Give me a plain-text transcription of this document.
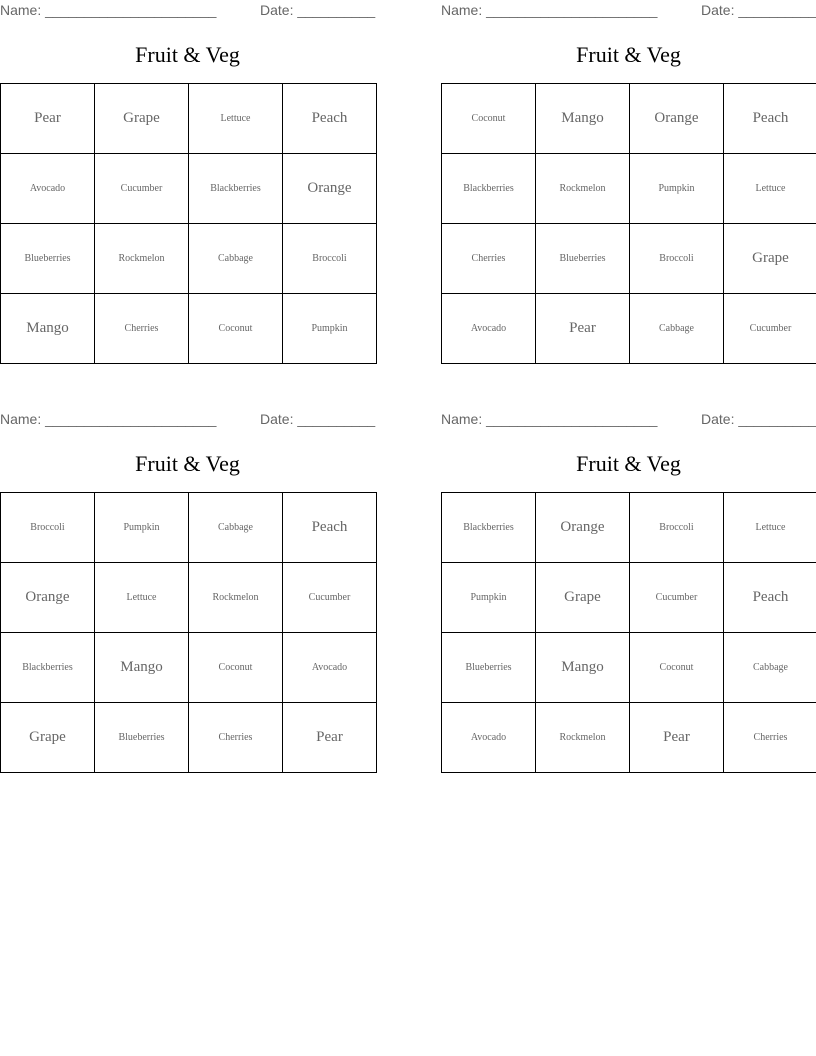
Name: ______________________	Date: __________
Fruit & Veg
Pear	Grape	Lettuce	Peach
Avocado	Cucumber	Blackberries	Orange
Blueberries	Rockmelon	Cabbage	Broccoli
Mango	Cherries	Coconut	Pumpkin
Name: ______________________	Date: __________
Fruit & Veg
Coconut	Mango	Orange	Peach
Blackberries	Rockmelon	Pumpkin	Lettuce
Cherries	Blueberries	Broccoli	Grape
Avocado	Pear	Cabbage	Cucumber
Name: ______________________	Date: __________
Fruit & Veg
Broccoli	Pumpkin	Cabbage	Peach
Orange	Lettuce	Rockmelon	Cucumber
Blackberries	Mango	Coconut	Avocado
Grape	Blueberries	Cherries	Pear
Name: ______________________	Date: __________
Fruit & Veg
Blackberries	Orange	Broccoli	Lettuce
Pumpkin	Grape	Cucumber	Peach
Blueberries	Mango	Coconut	Cabbage
Avocado	Rockmelon	Pear	Cherries
